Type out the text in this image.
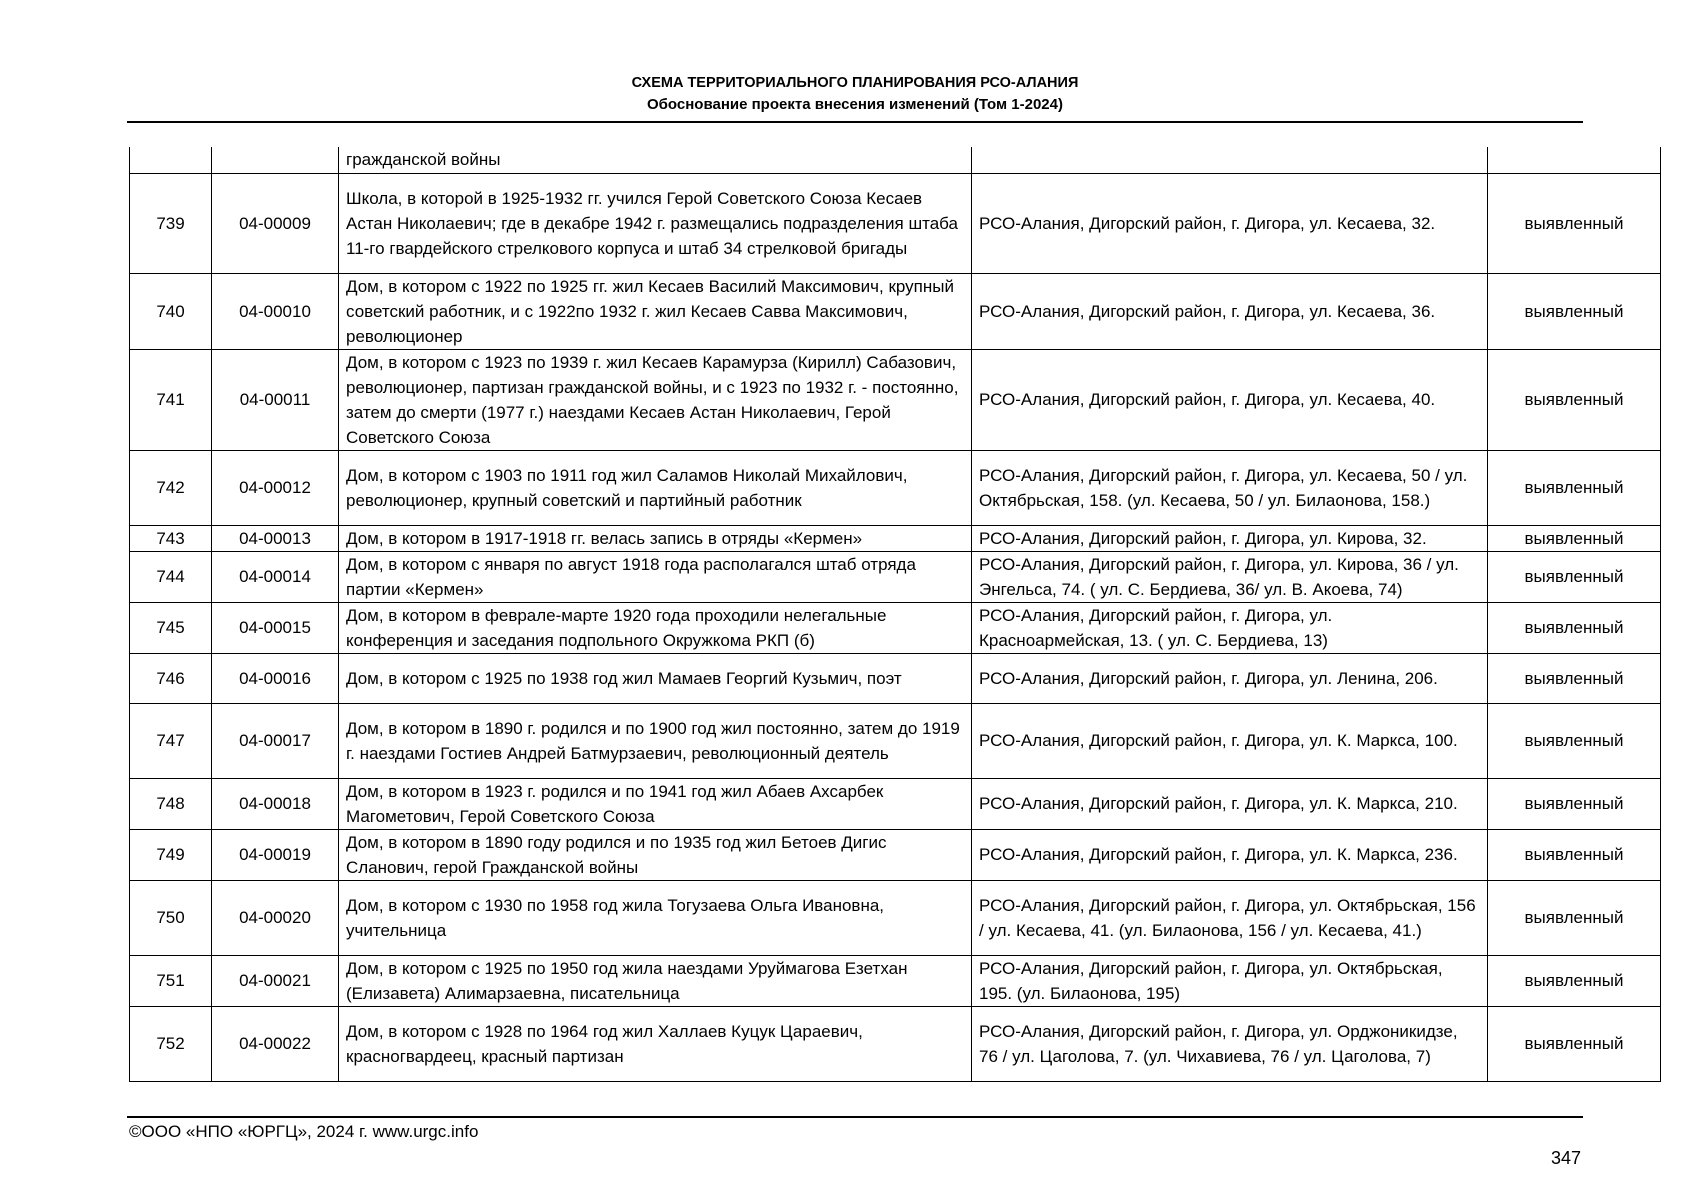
СХЕМА ТЕРРИТОРИАЛЬНОГО ПЛАНИРОВАНИЯ РСО-АЛАНИЯ
Обоснование проекта внесения изменений (Том 1-2024)
		гражданской войны		
739	04-00009	Школа, в которой в 1925-1932 гг. учился Герой Советского Союза Кесаев Астан Николаевич; где в декабре 1942 г. размещались подразделения штаба 11-го гвардейского стрелкового корпуса и штаб 34 стрелковой бригады	РСО-Алания, Дигорский район, г. Дигора, ул. Кесаева, 32.	выявленный
740	04-00010	Дом, в котором с 1922 по 1925 гг. жил Кесаев Василий Максимович, крупный советский работник, и с 1922по 1932 г. жил Кесаев Савва Максимович, революционер	РСО-Алания, Дигорский район, г. Дигора, ул. Кесаева, 36.	выявленный
741	04-00011	Дом, в котором с 1923 по 1939 г. жил Кесаев Карамурза (Кирилл) Сабазович, революционер, партизан гражданской войны, и с 1923 по 1932 г. - постоянно, затем до смерти (1977 г.) наездами Кесаев Астан Николаевич, Герой Советского Союза	РСО-Алания, Дигорский район, г. Дигора, ул. Кесаева, 40.	выявленный
742	04-00012	Дом, в котором с 1903 по 1911 год жил Саламов Николай Михайлович, революционер, крупный советский и партийный работник	РСО-Алания, Дигорский район, г. Дигора, ул. Кесаева, 50 / ул. Октябрьская, 158. (ул. Кесаева, 50 / ул. Билаонова, 158.)	выявленный
743	04-00013	Дом, в котором в 1917-1918 гг. велась запись в отряды «Кермен»	РСО-Алания, Дигорский район, г. Дигора, ул. Кирова, 32.	выявленный
744	04-00014	Дом, в котором с января по август 1918 года располагался штаб отряда партии «Кермен»	РСО-Алания, Дигорский район, г. Дигора, ул. Кирова, 36 / ул. Энгельса, 74. ( ул. С. Бердиева, 36/ ул. В. Акоева, 74)	выявленный
745	04-00015	Дом, в котором в феврале-марте 1920 года проходили нелегальные конференция и заседания подпольного Окружкома РКП (б)	РСО-Алания, Дигорский район, г. Дигора, ул. Красноармейская, 13. ( ул. С. Бердиева, 13)	выявленный
746	04-00016	Дом, в котором с 1925 по 1938 год жил Мамаев Георгий Кузьмич, поэт	РСО-Алания, Дигорский район, г. Дигора, ул. Ленина, 206.	выявленный
747	04-00017	Дом, в котором в 1890 г. родился и по 1900 год жил постоянно, затем до 1919 г. наездами Гостиев Андрей Батмурзаевич, революционный деятель	РСО-Алания, Дигорский район, г. Дигора, ул. К. Маркса, 100.	выявленный
748	04-00018	Дом, в котором в 1923 г. родился и по 1941 год жил Абаев Ахсарбек Магометович, Герой Советского Союза	РСО-Алания, Дигорский район, г. Дигора, ул. К. Маркса, 210.	выявленный
749	04-00019	Дом, в котором в 1890 году родился и по 1935 год жил Бетоев Дигис Сланович, герой Гражданской войны	РСО-Алания, Дигорский район, г. Дигора, ул. К. Маркса, 236.	выявленный
750	04-00020	Дом, в котором с 1930 по 1958 год жила Тогузаева Ольга Ивановна, учительница	РСО-Алания, Дигорский район, г. Дигора, ул. Октябрьская, 156 / ул. Кесаева, 41. (ул. Билаонова, 156 / ул. Кесаева, 41.)	выявленный
751	04-00021	Дом, в котором с 1925 по 1950 год жила наездами Уруймагова Езетхан (Елизавета) Алимарзаевна, писательница	РСО-Алания, Дигорский район, г. Дигора, ул. Октябрьская, 195. (ул. Билаонова, 195)	выявленный
752	04-00022	Дом, в котором с 1928 по 1964 год жил Халлаев Куцук Цараевич, красногвардеец, красный партизан	РСО-Алания, Дигорский район, г. Дигора, ул. Орджоникидзе, 76 / ул. Цаголова, 7. (ул. Чихавиева, 76 / ул. Цаголова, 7)	выявленный
©ООО «НПО «ЮРГЦ», 2024 г. www.urgc.info
347
